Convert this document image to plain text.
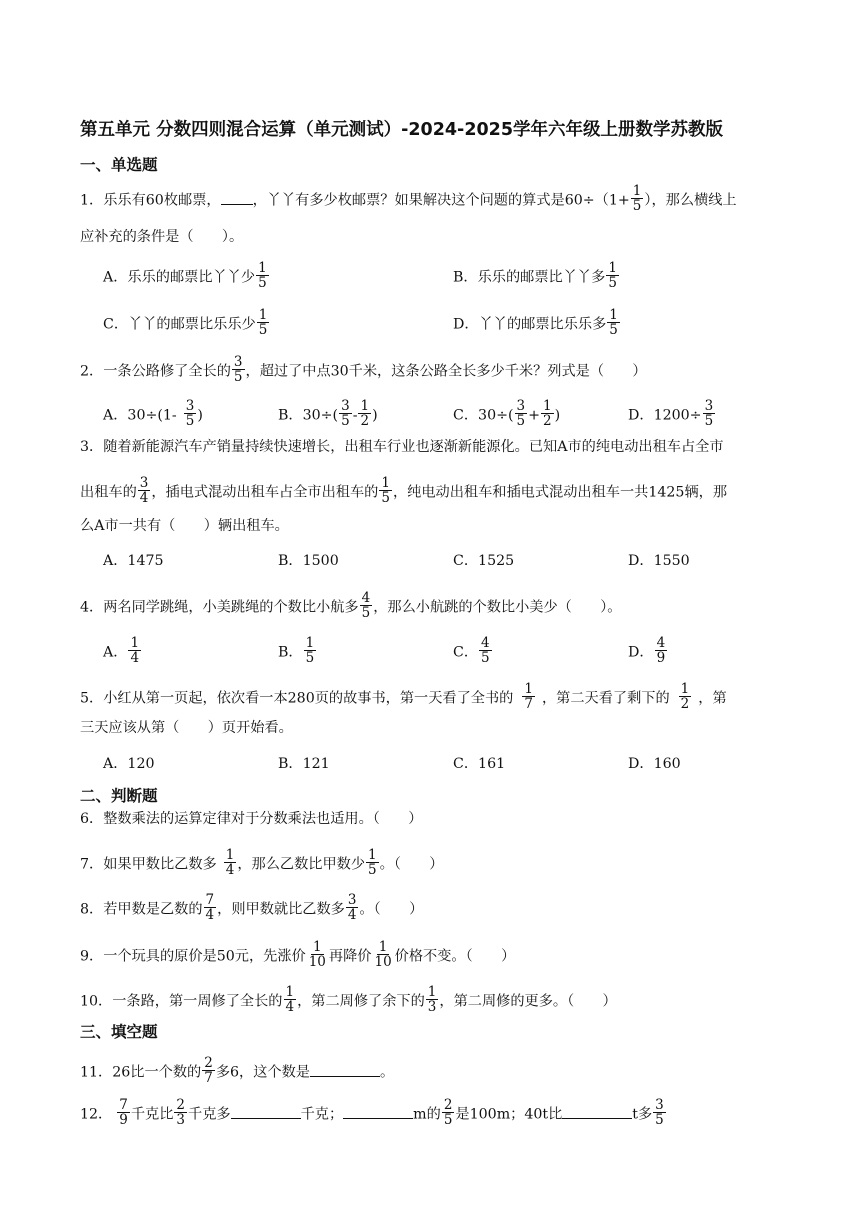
第五单元 分数四则混合运算（单元测试）-2024-2025学年六年级上册数学苏教版
一、单选题
1．乐乐有60枚邮票， ，丫丫有多少枚邮票？如果解决这个问题的算式是$60\div(1+ \frac{1}{5}$ ），那么横线上
应补充的条件是（　　）。
A．乐乐的邮票比丫丫少 $\frac{1}{5}$	B．乐乐的邮票比丫丫多 $\frac{1}{5}$
C．丫丫的邮票比乐乐少 $\frac{1}{5}$	D．丫丫的邮票比乐乐多 $\frac{1}{5}$
2．一条公路修了全长的 $\frac{3}{5}$ ，超过了中点30千米，这条公路全长多少千米？列式是（　　）
A．$30\div(1- \frac{3}{5}$ )	B．$30\div( \frac{3}{5} - \frac{1}{2}$ )	C．$30\div( \frac{3}{5} + \frac{1}{2}$ )	D．$1200\div \frac{3}{5}$
3．随着新能源汽车产销量持续快速增长，出租车行业也逐渐新能源化。已知A市的纯电动出租车占全市
出租车的 $\frac{3}{4}$ ，插电式混动出租车占全市出租车的 $\frac{1}{5}$ ，纯电动出租车和插电式混动出租车一共1425辆，那
么A市一共有（　　）辆出租车。
A．1475	B．1500	C．1525	D．1550
4．两名同学跳绳，小美跳绳的个数比小航多 $\frac{4}{5}$ ，那么小航跳的个数比小美少（　　）。
A． $\frac{1}{4}$	B． $\frac{1}{5}$	C． $\frac{4}{5}$	D． $\frac{4}{9}$
5．小红从第一页起，依次看一本280页的故事书，第一天看了全书的 $\frac{1}{7}$ ，第二天看了剩下的 $\frac{1}{2}$ ，第
三天应该从第（　　）页开始看。
A．120	B．121	C．161	D．160
二、判断题
6．整数乘法的运算定律对于分数乘法也适用。（　　）
7．如果甲数比乙数多 $\frac{1}{4}$ ，那么乙数比甲数少 $\frac{1}{5}$ 。（　　）
8．若甲数是乙数的 $\frac{7}{4}$ ，则甲数就比乙数多 $\frac{3}{4}$ 。（　　）
9．一个玩具的原价是50元，先涨价 $\frac{1}{10}$ 再降价 $\frac{1}{10}$ 价格不变。（　　）
10．一条路，第一周修了全长的 $\frac{1}{4}$ ，第二周修了余下的 $\frac{1}{3}$ ，第二周修的更多。（　　）
三、填空题
11．26比一个数的 $\frac{2}{7}$ 多6，这个数是	。
12． $\frac{7}{9}$ 千克比 $\frac{2}{3}$ 千克多	千克；	m的 $\frac{2}{5}$ 是100m；40t比	t多 $\frac{3}{5}$
